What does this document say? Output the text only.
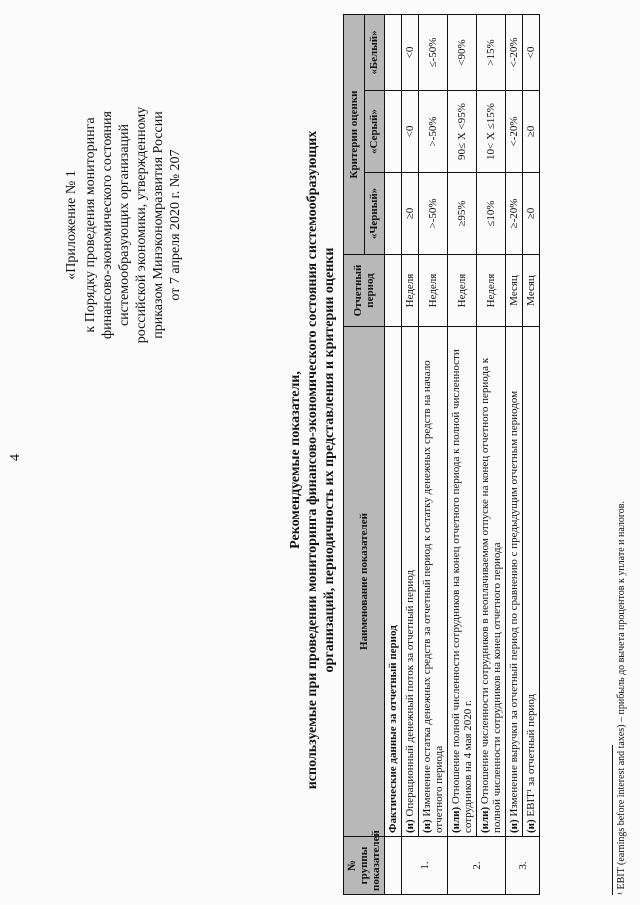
4
«Приложение № 1 к Порядку проведения мониторинга финансово-экономического состояния системообразующих организаций российской экономики, утвержденному приказом Минэкономразвития России от 7 апреля 2020 г. № 207
Рекомендуемые показатели, используемые при проведении мониторинга финансово-экономического состояния системообразующих организаций, периодичность их представления и критерии оценки
№ группы показателей	Наименование показателей	Отчетный период	Критерии оценки		
			«Черный»	«Серый»	«Белый»
	Фактические данные за отчетный период				
1.	(и) Операционный денежный поток за отчетный период	Неделя	≥0	<0	<0
	(и) Изменение остатка денежных средств за отчетный период к остатку денежных средств на начало отчетного периода	Неделя	>-50%	>-50%	≤-50%
2.	(или) Отношение полной численности сотрудников на конец отчетного периода к полной численности сотрудников на 4 мая 2020 г.	Неделя	≥95%	90≤ X <95%	<90%
	(или) Отношение численности сотрудников в неоплачиваемом отпуске на конец отчетного периода к полной численности сотрудников на конец отчетного периода	Неделя	≤10%	10< X ≤15%	>15%
3.	(и) Изменение выручки за отчетный период по сравнению с предыдущим отчетным периодом	Месяц	≥-20%	<-20%	<-20%
	(и) EBIT¹ за отчетный период	Месяц	≥0	≥0	<0
¹ EBIT (earnings before interest and taxes) – прибыль до вычета процентов к уплате и налогов.
